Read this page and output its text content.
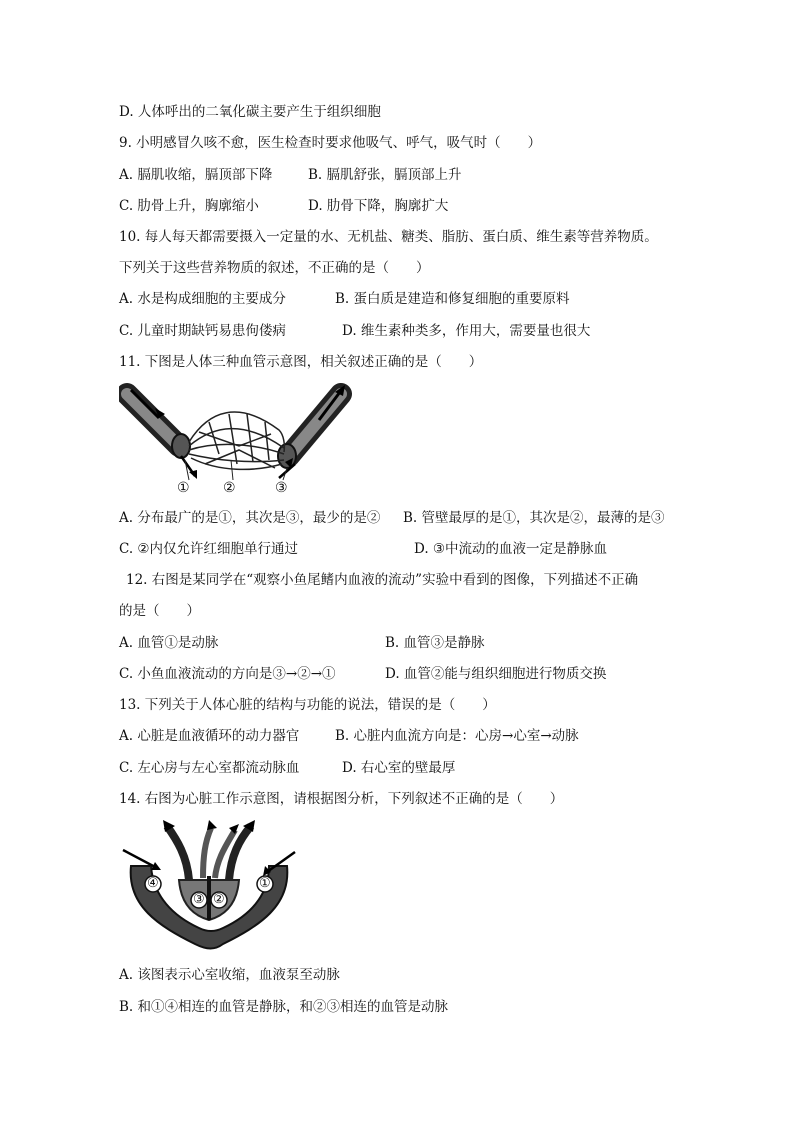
D. 人体呼出的二氧化碳主要产生于组织细胞
9. 小明感冒久咳不愈，医生检查时要求他吸气、呼气，吸气时（　　）
A. 膈肌收缩，膈顶部下降	B. 膈肌舒张，膈顶部上升
C. 肋骨上升，胸廓缩小	D. 肋骨下降，胸廓扩大
10. 每人每天都需要摄入一定量的水、无机盐、糖类、脂肪、蛋白质、维生素等营养物质。
下列关于这些营养物质的叙述，不正确的是（　　）
A. 水是构成细胞的主要成分	B. 蛋白质是建造和修复细胞的重要原料
C. 儿童时期缺钙易患佝偻病	D. 维生素种类多，作用大，需要量也很大
11. 下图是人体三种血管示意图，相关叙述正确的是（　　）
① ②	③
A. 分布最广的是①，其次是③，最少的是② B. 管壁最厚的是①，其次是②，最薄的是③
C. ②内仅允许红细胞单行通过	D. ③中流动的血液一定是静脉血
12. 右图是某同学在“观察小鱼尾鳍内血液的流动”实验中看到的图像，下列描述不正确
的是（　　）
A. 血管①是动脉	B. 血管③是静脉
C. 小鱼血液流动的方向是③→②→①	D. 血管②能与组织细胞进行物质交换
13. 下列关于人体心脏的结构与功能的说法，错误的是（　　）
A. 心脏是血液循环的动力器官	B. 心脏内血流方向是：心房→心室→动脉
C. 左心房与左心室都流动脉血	D. 右心室的壁最厚
14. 右图为心脏工作示意图，请根据图分析，下列叙述不正确的是（　　）
④
③ ②
①
A. 该图表示心室收缩，血液泵至动脉
B. 和①④相连的血管是静脉，和②③相连的血管是动脉
